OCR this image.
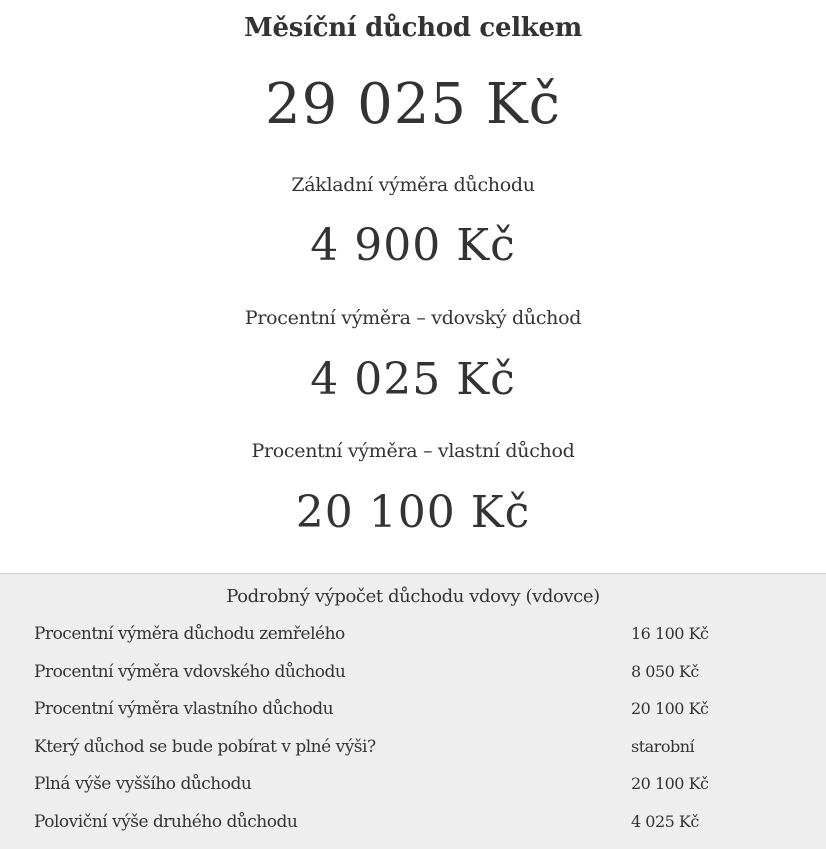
Měsíční důchod celkem
29 025 Kč
Základní výměra důchodu
4 900 Kč
Procentní výměra – vdovský důchod
4 025 Kč
Procentní výměra – vlastní důchod
20 100 Kč
Podrobný výpočet důchodu vdovy (vdovce)
Procentní výměra důchodu zemřelého	16 100 Kč
Procentní výměra vdovského důchodu	8 050 Kč
Procentní výměra vlastního důchodu	20 100 Kč
Který důchod se bude pobírat v plné výši?	starobní
Plná výše vyššího důchodu	20 100 Kč
Poloviční výše druhého důchodu	4 025 Kč
